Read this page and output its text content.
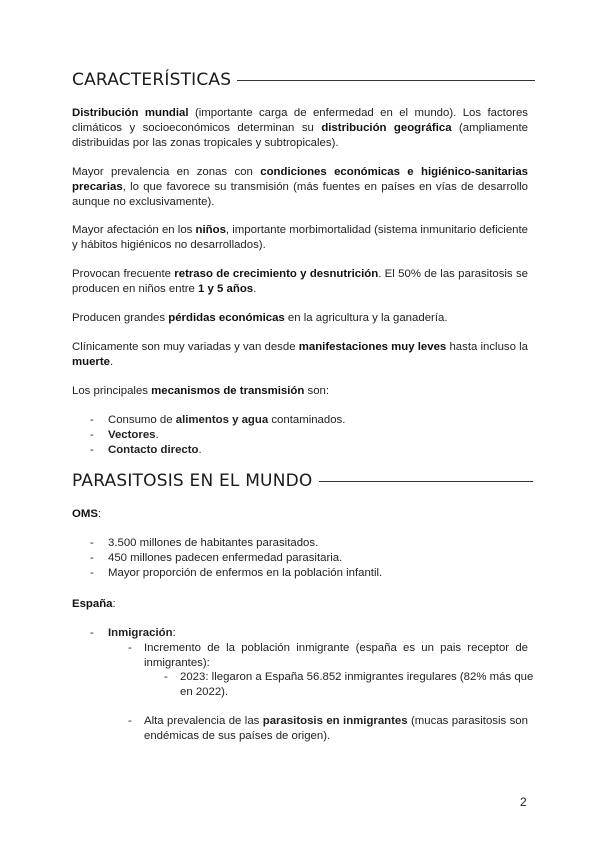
CARACTERÍSTICAS
Distribución mundial (importante carga de enfermedad en el mundo). Los factores climáticos y socioeconómicos determinan su distribución geográfica (ampliamente distribuidas por las zonas tropicales y subtropicales).
Mayor prevalencia en zonas con condiciones económicas e higiénico-sanitarias precarias, lo que favorece su transmisión (más fuentes en países en vías de desarrollo aunque no exclusivamente).
Mayor afectación en los niños, importante morbimortalidad (sistema inmunitario deficiente y hábitos higiénicos no desarrollados).
Provocan frecuente retraso de crecimiento y desnutrición. El 50% de las parasitosis se producen en niños entre 1 y 5 años.
Producen grandes pérdidas económicas en la agricultura y la ganadería.
Clínicamente son muy variadas y van desde manifestaciones muy leves hasta incluso la muerte.
Los principales mecanismos de transmisión son:
- Consumo de alimentos y agua contaminados.
- Vectores.
- Contacto directo.
PARASITOSIS EN EL MUNDO
OMS:
- 3.500 millones de habitantes parasitados.
- 450 millones padecen enfermedad parasitaria.
- Mayor proporción de enfermos en la población infantil.
España:
- Inmigración:
- Incremento de la población inmigrante (españa es un pais receptor de
inmigrantes):
- 2023: llegaron a España 56.852 inmigrantes iregulares (82% más que
en 2022).
- Alta prevalencia de las parasitosis en inmigrantes (mucas parasitosis son
endémicas de sus países de origen).
2
